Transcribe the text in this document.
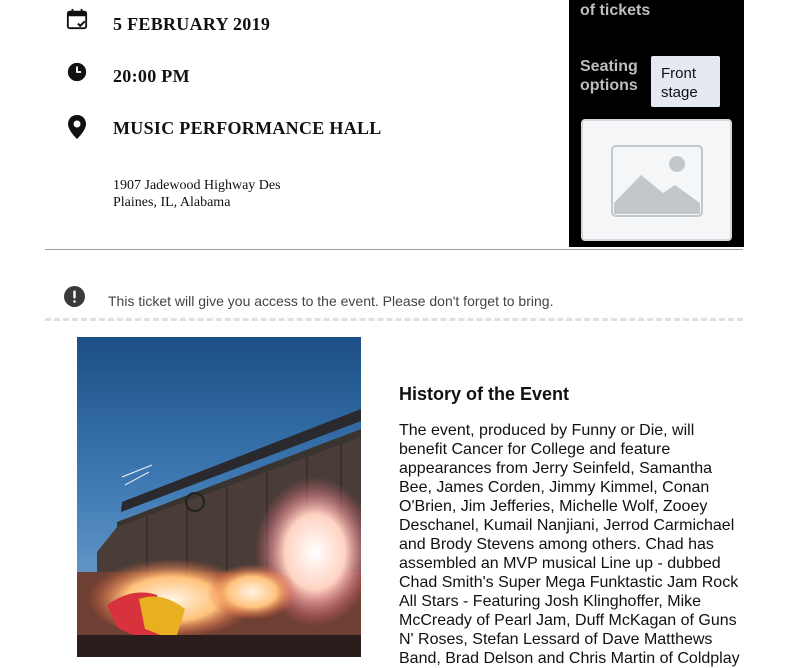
5 FEBRUARY 2019
20:00 PM
MUSIC PERFORMANCE HALL
1907 Jadewood Highway Des Plaines, IL, Alabama
of tickets
Seating options
Front stage
This ticket will give you access to the event. Please don't forget to bring.
History of the Event
The event, produced by Funny or Die, will benefit Cancer for College and feature appearances from Jerry Seinfeld, Samantha Bee, James Corden, Jimmy Kimmel, Conan O'Brien, Jim Jefferies, Michelle Wolf, Zooey Deschanel, Kumail Nanjiani, Jerrod Carmichael and Brody Stevens among others. Chad has assembled an MVP musical Line up - dubbed Chad Smith's Super Mega Funktastic Jam Rock All Stars - Featuring Josh Klinghoffer, Mike McCready of Pearl Jam, Duff McKagan of Guns N' Roses, Stefan Lessard of Dave Matthews Band, Brad Delson and Chris Martin of Coldplay
